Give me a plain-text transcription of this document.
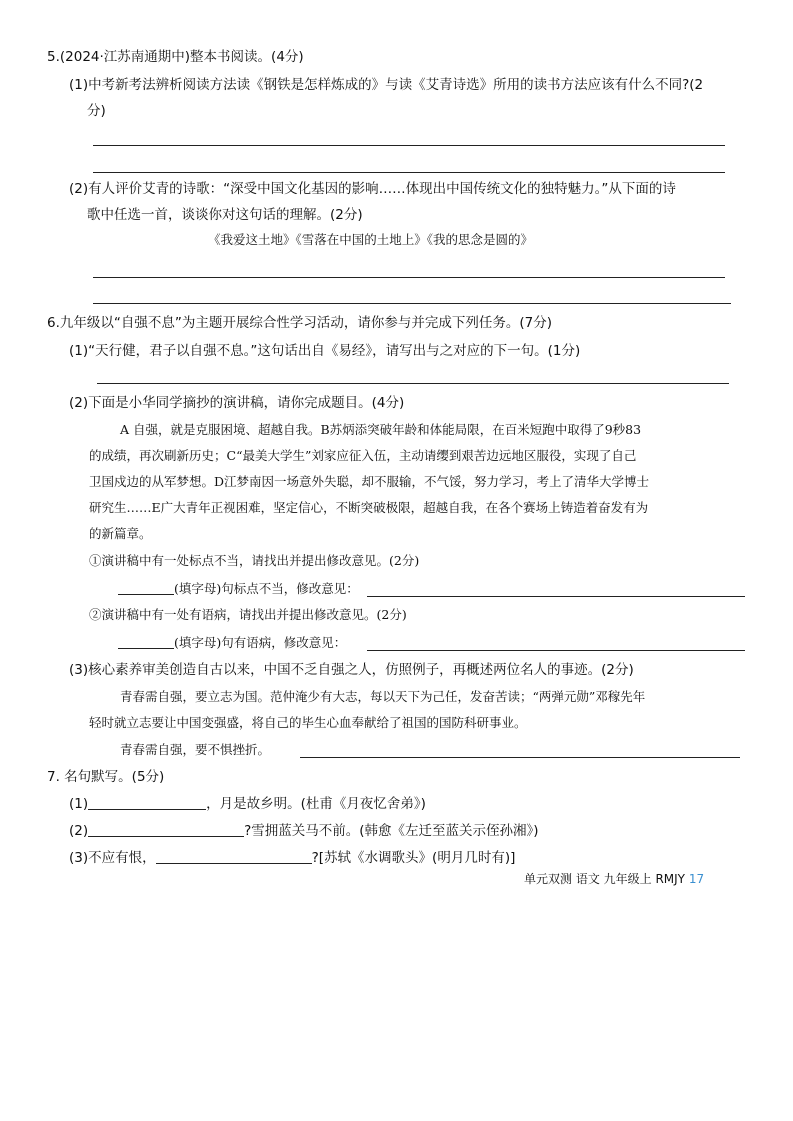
5.(2024·江苏南通期中)整本书阅读。(4分)
(1)中考新考法辨析阅读方法读《钢铁是怎样炼成的》与读《艾青诗选》所用的读书方法应该有什么不同?(2
分)
(2)有人评价艾青的诗歌：“深受中国文化基因的影响……体现出中国传统文化的独特魅力。”从下面的诗
歌中任选一首，谈谈你对这句话的理解。(2分)
《我爱这土地》《雪落在中国的土地上》《我的思念是圆的》
6.九年级以“自强不息”为主题开展综合性学习活动，请你参与并完成下列任务。(7分)
(1)“天行健，君子以自强不息。”这句话出自《易经》，请写出与之对应的下一句。(1分)
(2)下面是小华同学摘抄的演讲稿，请你完成题目。(4分)
A 自强，就是克服困境、超越自我。B苏炳添突破年龄和体能局限，在百米短跑中取得了9秒83
的成绩，再次刷新历史；C“最美大学生”刘家应征入伍，主动请缨到艰苦边远地区服役，实现了自己
卫国戍边的从军梦想。D江梦南因一场意外失聪，却不服输，不气馁，努力学习，考上了清华大学博士
研究生……E广大青年正视困难，坚定信心，不断突破极限，超越自我，在各个赛场上铸造着奋发有为
的新篇章。
①演讲稿中有一处标点不当，请找出并提出修改意见。(2分)
(填字母)句标点不当，修改意见：
②演讲稿中有一处有语病，请找出并提出修改意见。(2分)
(填字母)句有语病，修改意见：
(3)核心素养审美创造自古以来，中国不乏自强之人，仿照例子，再概述两位名人的事迹。(2分)
青春需自强，要立志为国。范仲淹少有大志，每以天下为己任，发奋苦读；“两弹元勋”邓稼先年
轻时就立志要让中国变强盛，将自己的毕生心血奉献给了祖国的国防科研事业。
青春需自强，要不惧挫折。
7. 名句默写。(5分)
(1)	，月是故乡明。(杜甫《月夜忆舍弟》)
(2)	?雪拥蓝关马不前。(韩愈《左迁至蓝关示侄孙湘》)
(3)不应有恨，	?[苏轼《水调歌头》(明月几时有)]
单元双测 语文 九年级上 RMJY 17
